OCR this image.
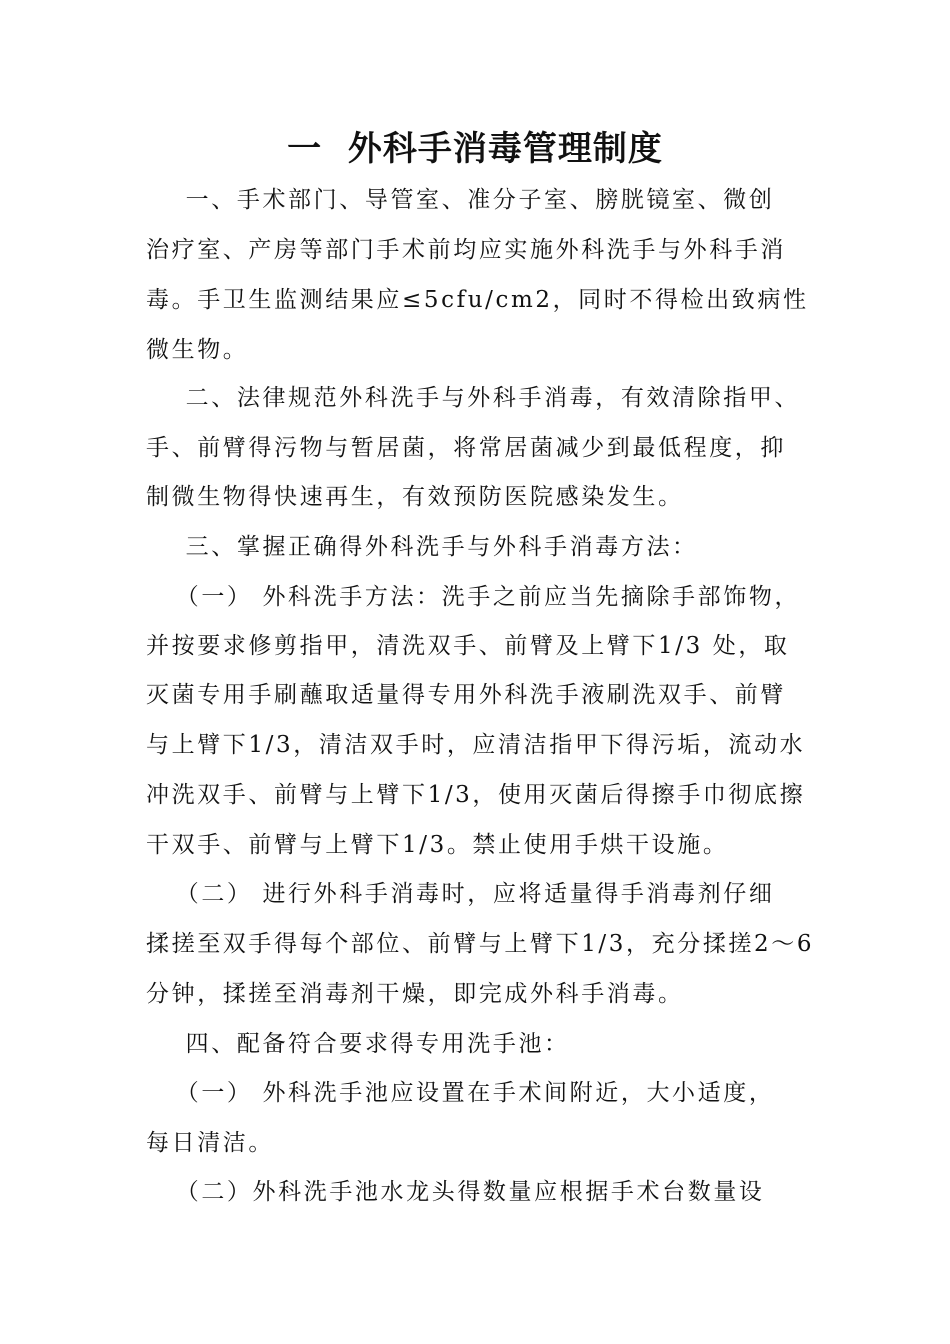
一  外科手消毒管理制度
一、手术部门、导管室、准分子室、膀胱镜室、微创
治疗室、产房等部门手术前均应实施外科洗手与外科手消
毒。手卫生监测结果应≤5cfu/cm2，同时不得检出致病性
微生物。
二、法律规范外科洗手与外科手消毒，有效清除指甲、
手、前臂得污物与暂居菌，将常居菌减少到最低程度，抑
制微生物得快速再生，有效预防医院感染发生。
三、掌握正确得外科洗手与外科手消毒方法：
（一） 外科洗手方法：洗手之前应当先摘除手部饰物，
并按要求修剪指甲，清洗双手、前臂及上臂下1/3 处，取
灭菌专用手刷蘸取适量得专用外科洗手液刷洗双手、前臂
与上臂下1/3，清洁双手时，应清洁指甲下得污垢，流动水
冲洗双手、前臂与上臂下1/3，使用灭菌后得擦手巾彻底擦
干双手、前臂与上臂下1/3。禁止使用手烘干设施。
（二） 进行外科手消毒时，应将适量得手消毒剂仔细
揉搓至双手得每个部位、前臂与上臂下1/3，充分揉搓2～6
分钟，揉搓至消毒剂干燥，即完成外科手消毒。
四、配备符合要求得专用洗手池：
（一） 外科洗手池应设置在手术间附近，大小适度，
每日清洁。
（二）外科洗手池水龙头得数量应根据手术台数量设
